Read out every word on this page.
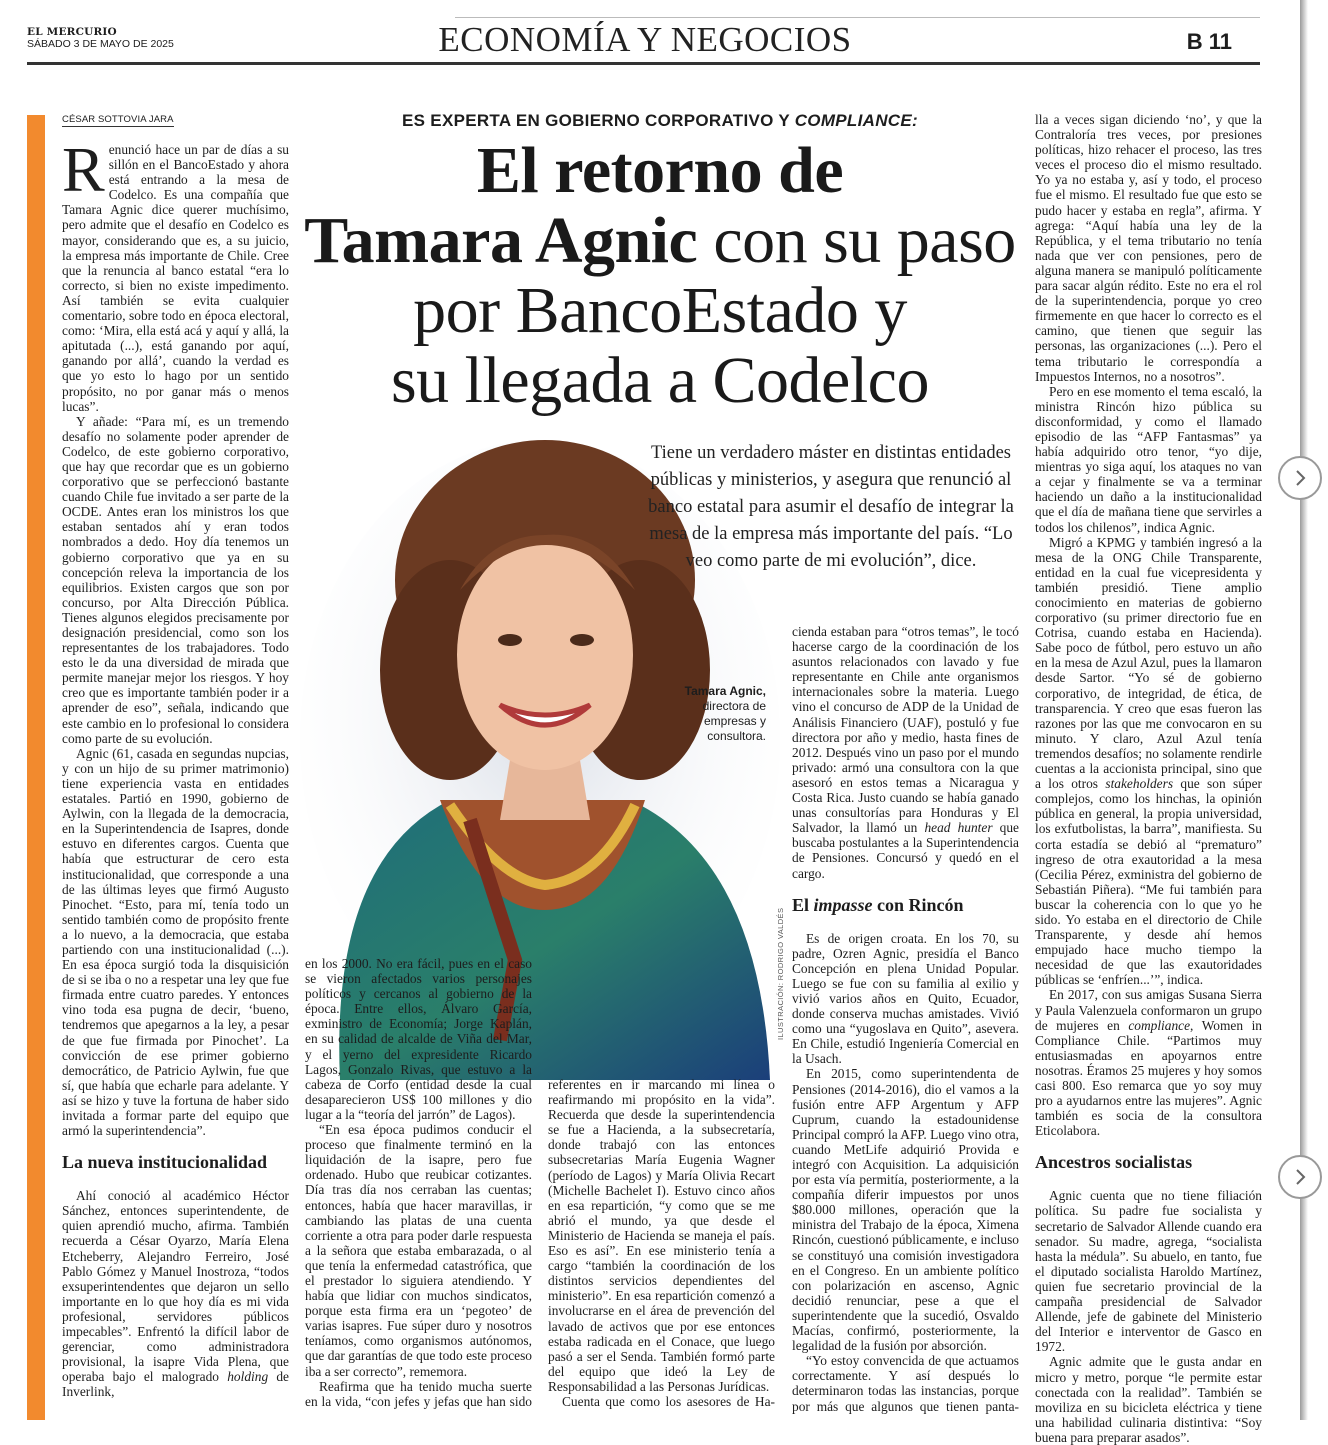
EL MERCURIO
SÁBADO 3 DE MAYO DE 2025	ECONOMÍA Y NEGOCIOS	B 11
CÉSAR SOTTOVIA JARA	ES EXPERTA EN GOBIERNO CORPORATIVO Y COMPLIANCE:
El retorno de
Tamara Agnic con su paso
por BancoEstado y
su llegada a Codelco
Tiene un verdadero máster en distintas entidades públicas y ministerios, y asegura que renunció al banco estatal para asumir el desafío de integrar la mesa de la empresa más importante del país. “Lo veo como parte de mi evolución”, dice.
Tamara Agnic,
directora de empresas y consultora.
ILUSTRACIÓN: RODRIGO VALDÉS

Renunció hace un par de días a su sillón en el BancoEstado y ahora está entrando a la mesa de Codelco. Es una compañía que Tamara Agnic dice querer muchísimo, pero admite que el desafío en Codelco es mayor, considerando que es, a su juicio, la empresa más importante de Chile. Cree que la renuncia al banco estatal “era lo correcto, si bien no existe impedimento. Así también se evita cualquier comentario, sobre todo en época electoral, como: ‘Mira, ella está acá y aquí y allá, la apitutada (...), está ganando por aquí, ganando por allá’, cuando la verdad es que yo esto lo hago por un sentido propósito, no por ganar más o menos lucas”.

Y añade: “Para mí, es un tremendo desafío no solamente poder aprender de Codelco, de este gobierno corporativo, que hay que recordar que es un gobierno corporativo que se perfeccionó bastante cuando Chile fue invitado a ser parte de la OCDE. Antes eran los ministros los que estaban sentados ahí y eran todos nombrados a dedo. Hoy día tenemos un gobierno corporativo que ya en su concepción releva la importancia de los equilibrios. Existen cargos que son por concurso, por Alta Dirección Pública. Tienes algunos elegidos precisamente por designación presidencial, como son los representantes de los trabajadores. Todo esto le da una diversidad de mirada que permite manejar mejor los riesgos. Y hoy creo que es importante también poder ir a aprender de eso”, señala, indicando que este cambio en lo profesional lo considera como parte de su evolución.

Agnic (61, casada en segundas nupcias, y con un hijo de su primer matrimonio) tiene experiencia vasta en entidades estatales. Partió en 1990, gobierno de Aylwin, con la llegada de la democracia, en la Superintendencia de Isapres, donde estuvo en diferentes cargos. Cuenta que había que estructurar de cero esta institucionalidad, que corresponde a una de las últimas leyes que firmó Augusto Pinochet. “Esto, para mí, tenía todo un sentido también como de propósito frente a lo nuevo, a la democracia, que estaba partiendo con una institucionalidad (...). En esa época surgió toda la disquisición de si se iba o no a respetar una ley que fue firmada entre cuatro paredes. Y entonces vino toda esa pugna de decir, ‘bueno, tendremos que apegarnos a la ley, a pesar de que fue firmada por Pinochet’. La convicción de ese primer gobierno democrático, de Patricio Aylwin, fue que sí, que había que echarle para adelante. Y así se hizo y tuve la fortuna de haber sido invitada a formar parte del equipo que armó la superintendencia”.

La nueva institucionalidad

Ahí conoció al académico Héctor Sánchez, entonces superintendente, de quien aprendió mucho, afirma. También recuerda a César Oyarzo, María Elena Etcheberry, Alejandro Ferreiro, José Pablo Gómez y Manuel Inostroza, “todos exsuperintendentes que dejaron un sello importante en lo que hoy día es mi vida profesional, servidores públicos impecables”. Enfrentó la difícil labor de gerenciar, como administradora provisional, la isapre Vida Plena, que operaba bajo el malogrado holding de Inverlink,

en los 2000. No era fácil, pues en el caso se vieron afectados varios personajes políticos y cercanos al gobierno de la época. Entre ellos, Álvaro García, exministro de Economía; Jorge Kaplán, en su calidad de alcalde de Viña del Mar, y el yerno del expresidente Ricardo Lagos, Gonzalo Rivas, que estuvo a la cabeza de Corfo (entidad desde la cual desaparecieron US$ 100 millones y dio lugar a la “teoría del jarrón” de Lagos).

“En esa época pudimos conducir el proceso que finalmente terminó en la liquidación de la isapre, pero fue ordenado. Hubo que reubicar cotizantes. Día tras día nos cerraban las cuentas; entonces, había que hacer maravillas, ir cambiando las platas de una cuenta corriente a otra para poder darle respuesta a la señora que estaba embarazada, o al que tenía la enfermedad catastrófica, que el prestador lo siguiera atendiendo. Y había que lidiar con muchos sindicatos, porque esta firma era un ‘pegoteo’ de varias isapres. Fue súper duro y nosotros teníamos, como organismos autónomos, que dar garantías de que todo este proceso iba a ser correcto”, rememora.

Reafirma que ha tenido mucha suerte en la vida, “con jefes y jefas que han sido

referentes en ir marcando mi línea o reafirmando mi propósito en la vida”. Recuerda que desde la superintendencia se fue a Hacienda, a la subsecretaría, donde trabajó con las entonces subsecretarias María Eugenia Wagner (período de Lagos) y María Olivia Recart (Michelle Bachelet I). Estuvo cinco años en esa repartición, “y como que se me abrió el mundo, ya que desde el Ministerio de Hacienda se maneja el país. Eso es así”. En ese ministerio tenía a cargo “también la coordinación de los distintos servicios dependientes del ministerio”. En esa repartición comenzó a involucrarse en el área de prevención del lavado de activos que por ese entonces estaba radicada en el Conace, que luego pasó a ser el Senda. También formó parte del equipo que ideó la Ley de Responsabilidad a las Personas Jurídicas.

Cuenta que como los asesores de Ha-

cienda estaban para “otros temas”, le tocó hacerse cargo de la coordinación de los asuntos relacionados con lavado y fue representante en Chile ante organismos internacionales sobre la materia. Luego vino el concurso de ADP de la Unidad de Análisis Financiero (UAF), postuló y fue directora por año y medio, hasta fines de 2012. Después vino un paso por el mundo privado: armó una consultora con la que asesoró en estos temas a Nicaragua y Costa Rica. Justo cuando se había ganado unas consultorías para Honduras y El Salvador, la llamó un head hunter que buscaba postulantes a la Superintendencia de Pensiones. Concursó y quedó en el cargo.

El impasse con Rincón

Es de origen croata. En los 70, su padre, Ozren Agnic, presidía el Banco Concepción en plena Unidad Popular. Luego se fue con su familia al exilio y vivió varios años en Quito, Ecuador, donde conserva muchas amistades. Vivió como una “yugoslava en Quito”, asevera. En Chile, estudió Ingeniería Comercial en la Usach.

En 2015, como superintendenta de Pensiones (2014-2016), dio el vamos a la fusión entre AFP Argentum y AFP Cuprum, cuando la estadounidense Principal compró la AFP. Luego vino otra, cuando MetLife adquirió Provida e integró con Acquisition. La adquisición por esta vía permitía, posteriormente, a la compañía diferir impuestos por unos $80.000 millones, operación que la ministra del Trabajo de la época, Ximena Rincón, cuestionó públicamente, e incluso se constituyó una comisión investigadora en el Congreso. En un ambiente político con polarización en ascenso, Agnic decidió renunciar, pese a que el superintendente que la sucedió, Osvaldo Macías, confirmó, posteriormente, la legalidad de la fusión por absorción.

“Yo estoy convencida de que actuamos correctamente. Y así después lo determinaron todas las instancias, porque por más que algunos que tienen panta-

lla a veces sigan diciendo ‘no’, y que la Contraloría tres veces, por presiones políticas, hizo rehacer el proceso, las tres veces el proceso dio el mismo resultado. Yo ya no estaba y, así y todo, el proceso fue el mismo. El resultado fue que esto se pudo hacer y estaba en regla”, afirma. Y agrega: “Aquí había una ley de la República, y el tema tributario no tenía nada que ver con pensiones, pero de alguna manera se manipuló políticamente para sacar algún rédito. Este no era el rol de la superintendencia, porque yo creo firmemente en que hacer lo correcto es el camino, que tienen que seguir las personas, las organizaciones (...). Pero el tema tributario le correspondía a Impuestos Internos, no a nosotros”.

Pero en ese momento el tema escaló, la ministra Rincón hizo pública su disconformidad, y como el llamado episodio de las “AFP Fantasmas” ya había adquirido otro tenor, “yo dije, mientras yo siga aquí, los ataques no van a cejar y finalmente se va a terminar haciendo un daño a la institucionalidad que el día de mañana tiene que servirles a todos los chilenos”, indica Agnic.

Migró a KPMG y también ingresó a la mesa de la ONG Chile Transparente, entidad en la cual fue vicepresidenta y también presidió. Tiene amplio conocimiento en materias de gobierno corporativo (su primer directorio fue en Cotrisa, cuando estaba en Hacienda). Sabe poco de fútbol, pero estuvo un año en la mesa de Azul Azul, pues la llamaron desde Sartor. “Yo sé de gobierno corporativo, de integridad, de ética, de transparencia. Y creo que esas fueron las razones por las que me convocaron en su minuto. Y claro, Azul Azul tenía tremendos desafíos; no solamente rendirle cuentas a la accionista principal, sino que a los otros stakeholders que son súper complejos, como los hinchas, la opinión pública en general, la propia universidad, los exfutbolistas, la barra”, manifiesta. Su corta estadía se debió al “prematuro” ingreso de otra exautoridad a la mesa (Cecilia Pérez, exministra del gobierno de Sebastián Piñera). “Me fui también para buscar la coherencia con lo que yo he sido. Yo estaba en el directorio de Chile Transparente, y desde ahí hemos empujado hace mucho tiempo la necesidad de que las exautoridades públicas se ‘enfríen...’”, indica.

En 2017, con sus amigas Susana Sierra y Paula Valenzuela conformaron un grupo de mujeres en compliance, Women in Compliance Chile. “Partimos muy entusiasmadas en apoyarnos entre nosotras. Éramos 25 mujeres y hoy somos casi 800. Eso remarca que yo soy muy pro a ayudarnos entre las mujeres”. Agnic también es socia de la consultora Eticolabora.

Ancestros socialistas

Agnic cuenta que no tiene filiación política. Su padre fue socialista y secretario de Salvador Allende cuando era senador. Su madre, agrega, “socialista hasta la médula”. Su abuelo, en tanto, fue el diputado socialista Haroldo Martínez, quien fue secretario provincial de la campaña presidencial de Salvador Allende, jefe de gabinete del Ministerio del Interior e interventor de Gasco en 1972.

Agnic admite que le gusta andar en micro y metro, porque “le permite estar conectada con la realidad”. También se moviliza en su bicicleta eléctrica y tiene una habilidad culinaria distintiva: “Soy buena para preparar asados”.
